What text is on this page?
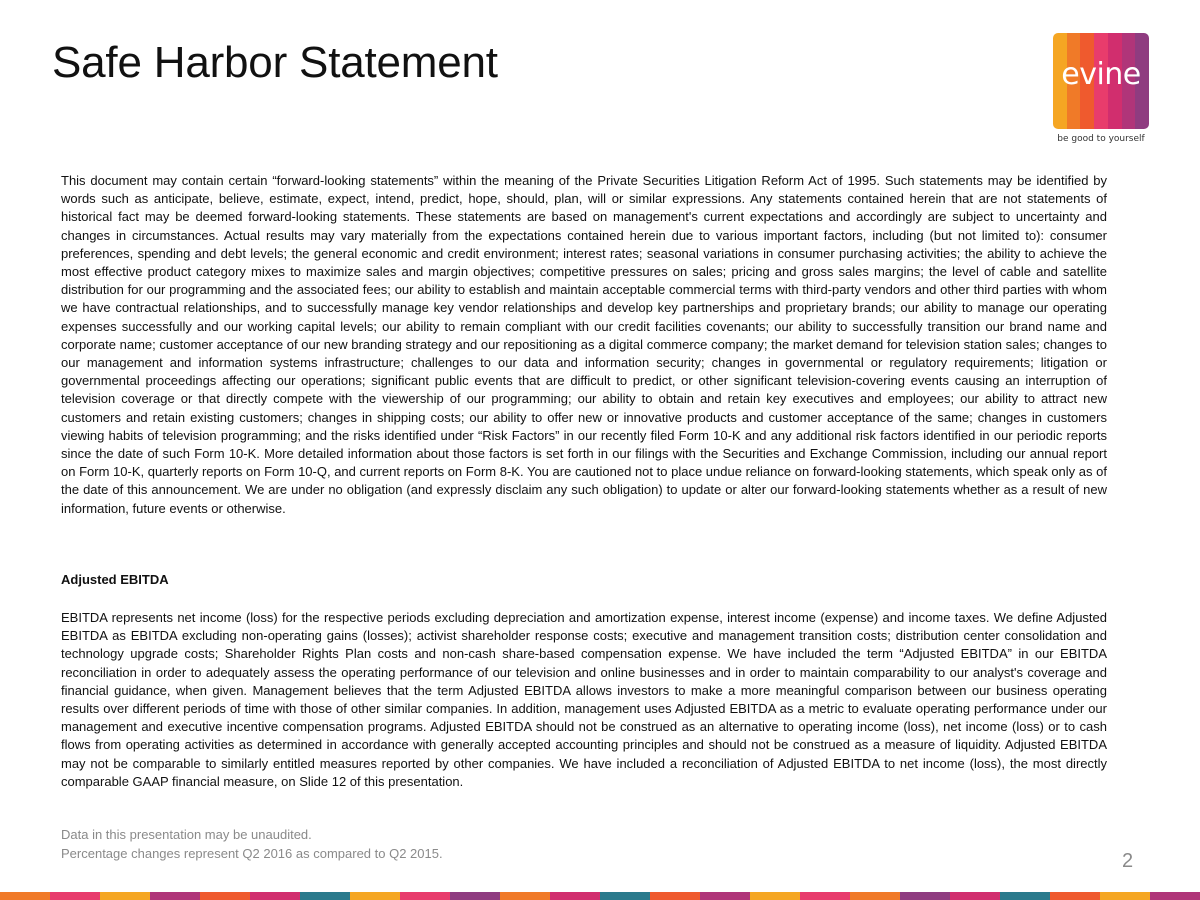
Safe Harbor Statement	evine
be good to yourself

This document may contain certain “forward-looking statements” within the meaning of the Private Securities Litigation Reform Act of 1995. Such statements may be identified by words such as anticipate, believe, estimate, expect, intend, predict, hope, should, plan, will or similar expressions. Any statements contained herein that are not statements of historical fact may be deemed forward-looking statements. These statements are based on management's current expectations and accordingly are subject to uncertainty and changes in circumstances. Actual results may vary materially from the expectations contained herein due to various important factors, including (but not limited to): consumer preferences, spending and debt levels; the general economic and credit environment; interest rates; seasonal variations in consumer purchasing activities; the ability to achieve the most effective product category mixes to maximize sales and margin objectives; competitive pressures on sales; pricing and gross sales margins; the level of cable and satellite distribution for our programming and the associated fees; our ability to establish and maintain acceptable commercial terms with third-party vendors and other third parties with whom we have contractual relationships, and to successfully manage key vendor relationships and develop key partnerships and proprietary brands; our ability to manage our operating expenses successfully and our working capital levels; our ability to remain compliant with our credit facilities covenants; our ability to successfully transition our brand name and corporate name; customer acceptance of our new branding strategy and our repositioning as a digital commerce company; the market demand for television station sales; changes to our management and information systems infrastructure; challenges to our data and information security; changes in governmental or regulatory requirements; litigation or governmental proceedings affecting our operations; significant public events that are difficult to predict, or other significant television-covering events causing an interruption of television coverage or that directly compete with the viewership of our programming; our ability to obtain and retain key executives and employees; our ability to attract new customers and retain existing customers; changes in shipping costs; our ability to offer new or innovative products and customer acceptance of the same; changes in customers viewing habits of television programming; and the risks identified under “Risk Factors” in our recently filed Form 10-K and any additional risk factors identified in our periodic reports since the date of such Form 10-K. More detailed information about those factors is set forth in our filings with the Securities and Exchange Commission, including our annual report on Form 10-K, quarterly reports on Form 10-Q, and current reports on Form 8-K. You are cautioned not to place undue reliance on forward-looking statements, which speak only as of the date of this announcement. We are under no obligation (and expressly disclaim any such obligation) to update or alter our forward-looking statements whether as a result of new information, future events or otherwise.

Adjusted EBITDA

EBITDA represents net income (loss) for the respective periods excluding depreciation and amortization expense, interest income (expense) and income taxes. We define Adjusted EBITDA as EBITDA excluding non-operating gains (losses); activist shareholder response costs; executive and management transition costs; distribution center consolidation and technology upgrade costs; Shareholder Rights Plan costs and non-cash share-based compensation expense. We have included the term “Adjusted EBITDA” in our EBITDA reconciliation in order to adequately assess the operating performance of our television and online businesses and in order to maintain comparability to our analyst's coverage and financial guidance, when given. Management believes that the term Adjusted EBITDA allows investors to make a more meaningful comparison between our business operating results over different periods of time with those of other similar companies. In addition, management uses Adjusted EBITDA as a metric to evaluate operating performance under our management and executive incentive compensation programs. Adjusted EBITDA should not be construed as an alternative to operating income (loss), net income (loss) or to cash flows from operating activities as determined in accordance with generally accepted accounting principles and should not be construed as a measure of liquidity. Adjusted EBITDA may not be comparable to similarly entitled measures reported by other companies. We have included a reconciliation of Adjusted EBITDA to net income (loss), the most directly comparable GAAP financial measure, on Slide 12 of this presentation.

Data in this presentation may be unaudited.
Percentage changes represent Q2 2016 as compared to Q2 2015.	2
